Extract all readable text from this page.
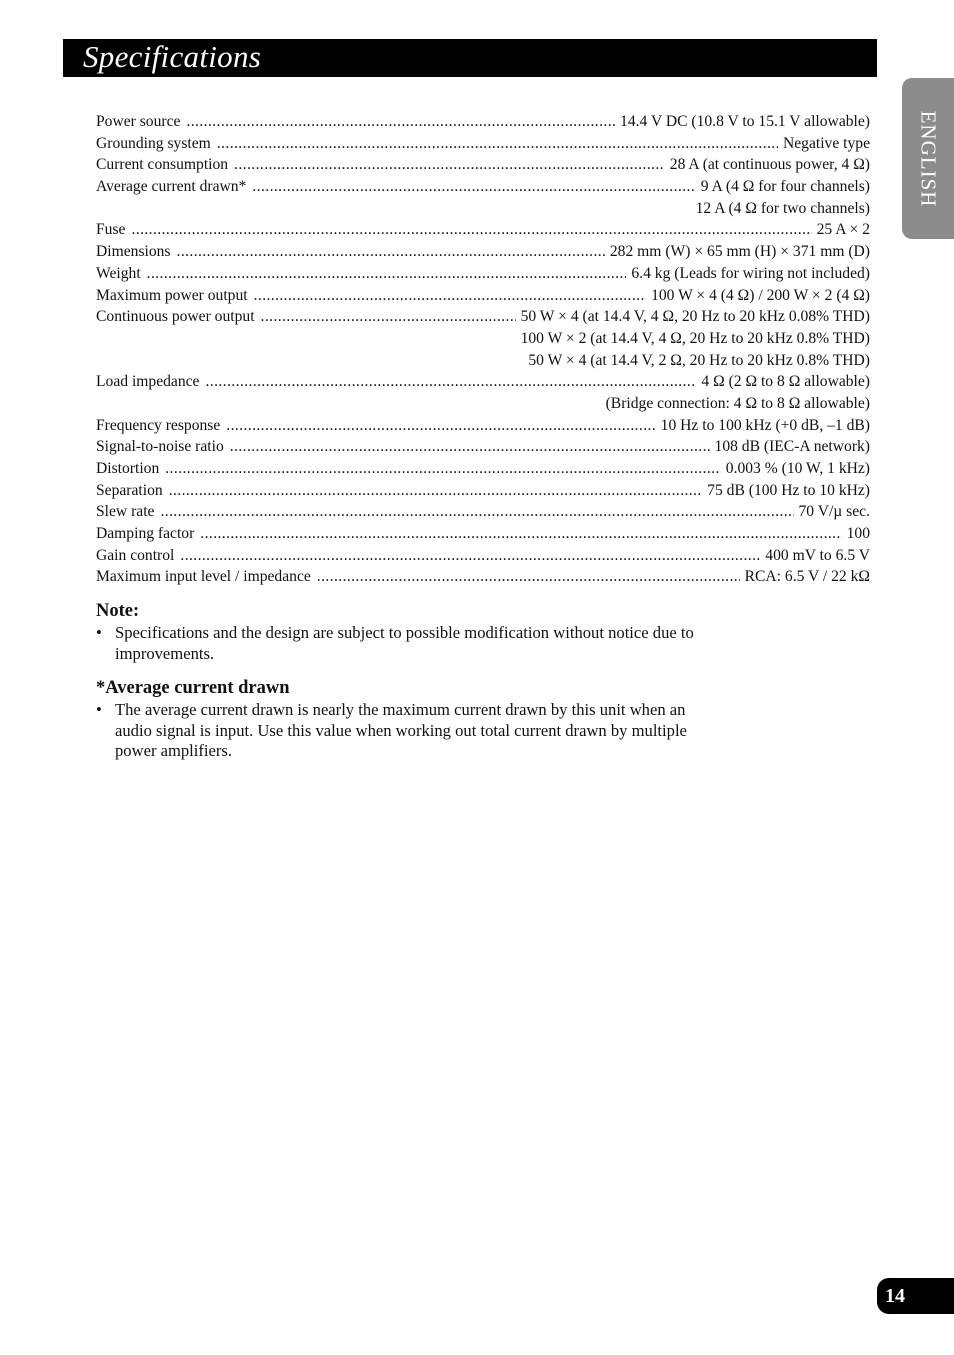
Specifications
ENGLISH
Power source .....	14.4 V DC (10.8 V to 15.1 V allowable)
Grounding system .....	Negative type
Current consumption .....	28 A (at continuous power, 4 Ω)
Average current drawn* .....	9 A (4 Ω for four channels)
12 A (4 Ω for two channels)
Fuse .....	25 A × 2
Dimensions .....	282 mm (W) × 65 mm (H) × 371 mm (D)
Weight .....	6.4 kg (Leads for wiring not included)
Maximum power output .....	100 W × 4 (4 Ω) / 200 W × 2 (4 Ω)
Continuous power output .....	50 W × 4 (at 14.4 V, 4 Ω, 20 Hz to 20 kHz 0.08% THD)
100 W × 2 (at 14.4 V, 4 Ω, 20 Hz to 20 kHz 0.8% THD)
50 W × 4 (at 14.4 V, 2 Ω, 20 Hz to 20 kHz 0.8% THD)
Load impedance .....	4 Ω (2 Ω to 8 Ω allowable)
(Bridge connection: 4 Ω to 8 Ω allowable)
Frequency response .....	10 Hz to 100 kHz (+0 dB, –1 dB)
Signal-to-noise ratio .....	108 dB (IEC-A network)
Distortion .....	0.003 % (10 W, 1 kHz)
Separation .....	75 dB (100 Hz to 10 kHz)
Slew rate .....	70 V/µ sec.
Damping factor .....	100
Gain control .....	400 mV to 6.5 V
Maximum input level / impedance .....	RCA: 6.5 V / 22 kΩ
Note:
• Specifications and the design are subject to possible modification without notice due to improvements.
*Average current drawn
• The average current drawn is nearly the maximum current drawn by this unit when an audio signal is input. Use this value when working out total current drawn by multiple power amplifiers.
14
